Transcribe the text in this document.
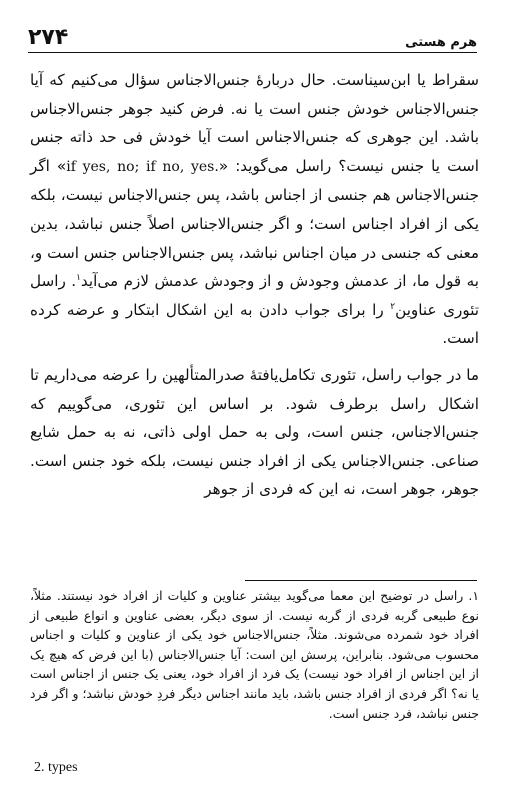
هرم هستی
۲۷۴

سقراط یا ابن‌سیناست. حال دربارهٔ جنس‌الاجناس سؤال می‌کنیم که آیا جنس‌الاجناس خودش جنس است یا نه. فرض کنید جوهر جنس‌الاجناس باشد. این جوهری که جنس‌الاجناس است آیا خودش فی حد ذاته جنس است یا جنس نیست؟ راسل می‌گوید: «if yes, no; if no, yes.» اگر جنس‌الاجناس هم جنسی از اجناس باشد، پس جنس‌الاجناس نیست، بلکه یکی از افراد اجناس است؛ و اگر جنس‌الاجناس اصلاً جنس نباشد، بدین معنی که جنسی در میان اجناس نباشد، پس جنس‌الاجناس جنس است و، به قول ما، از عدمش وجودش و از وجودش عدمش لازم می‌آید$^۱$. راسل تئوری عناوین$^۲$ را برای جواب دادن به این اشکال ابتکار و عرضه کرده است.

ما در جواب راسل، تئوری تکامل‌یافتهٔ صدرالمتألهین را عرضه می‌داریم تا اشکال راسل برطرف شود. بر اساس این تئوری، می‌گوییم که جنس‌الاجناس، جنس است، ولی به حمل اولی ذاتی، نه به حمل شایع صناعی. جنس‌الاجناس یکی از افراد جنس نیست، بلکه خود جنس است. جوهر، جوهر است، نه این که فردی از جوهر

۱. راسل در توضیح این معما می‌گوید بیشتر عناوین و کلیات از افراد خود نیستند. مثلاً، نوع طبیعی گربه فردی از گربه نیست. از سوی دیگر، بعضی عناوین و انواع طبیعی از افراد خود شمرده می‌شوند. مثلاً، جنس‌الاجناس خود یکی از عناوین و کلیات و اجناس محسوب می‌شود. بنابراین، پرسش این است: آیا جنس‌الاجناس (با این فرض که هیچ یک از این اجناس از افراد خود نیست) یک فرد از افراد خود، یعنی یک جنس از اجناس است یا نه؟ اگر فردی از افراد جنس باشد، باید مانند اجناس دیگر فردِ خودش نباشد؛ و اگر فرد جنس نباشد، فرد جنس است.

2. types
